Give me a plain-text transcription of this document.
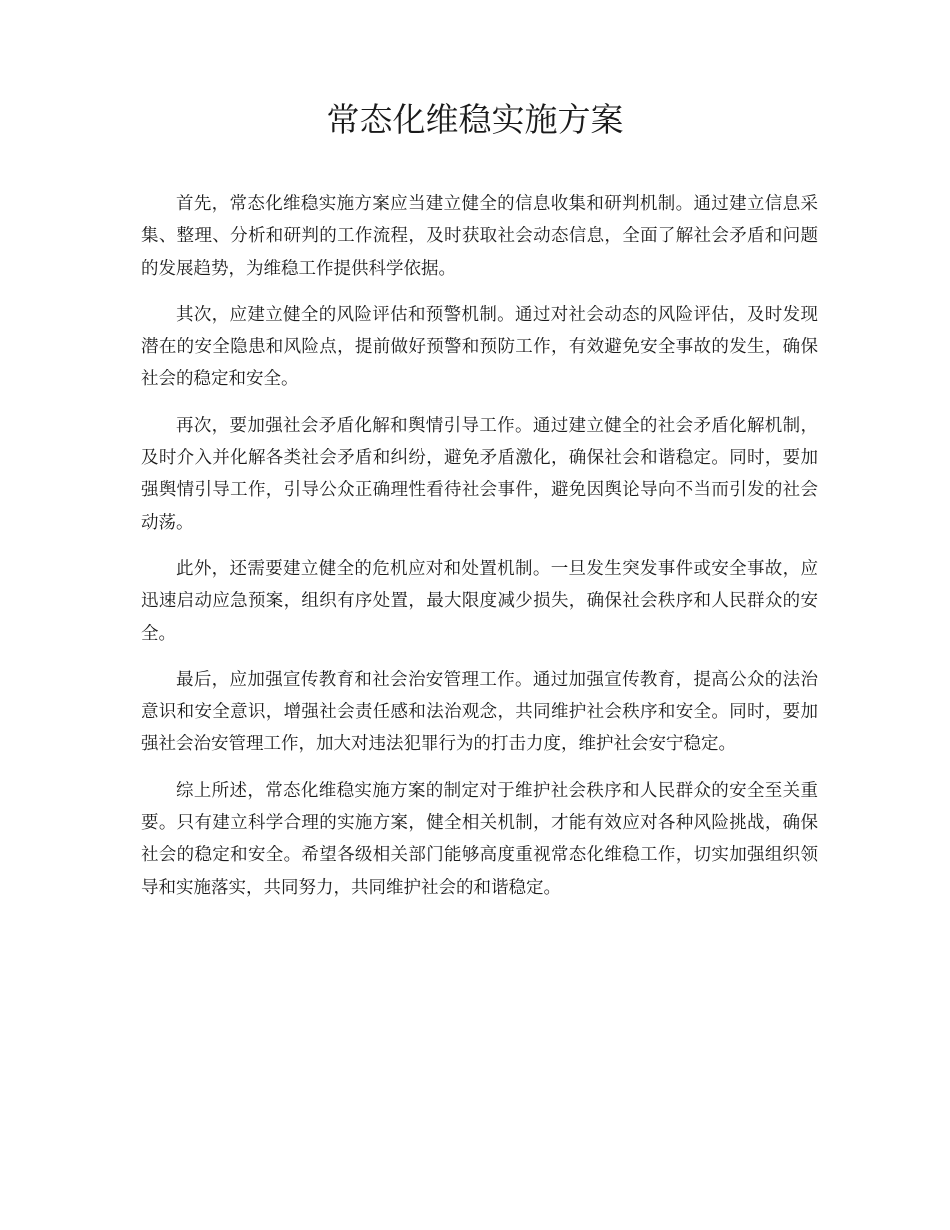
常态化维稳实施方案

首先，常态化维稳实施方案应当建立健全的信息收集和研判机制。通过建立信息采集、整理、分析和研判的工作流程，及时获取社会动态信息，全面了解社会矛盾和问题的发展趋势，为维稳工作提供科学依据。

其次，应建立健全的风险评估和预警机制。通过对社会动态的风险评估，及时发现潜在的安全隐患和风险点，提前做好预警和预防工作，有效避免安全事故的发生，确保社会的稳定和安全。

再次，要加强社会矛盾化解和舆情引导工作。通过建立健全的社会矛盾化解机制，及时介入并化解各类社会矛盾和纠纷，避免矛盾激化，确保社会和谐稳定。同时，要加强舆情引导工作，引导公众正确理性看待社会事件，避免因舆论导向不当而引发的社会动荡。

此外，还需要建立健全的危机应对和处置机制。一旦发生突发事件或安全事故，应迅速启动应急预案，组织有序处置，最大限度减少损失，确保社会秩序和人民群众的安全。

最后，应加强宣传教育和社会治安管理工作。通过加强宣传教育，提高公众的法治意识和安全意识，增强社会责任感和法治观念，共同维护社会秩序和安全。同时，要加强社会治安管理工作，加大对违法犯罪行为的打击力度，维护社会安宁稳定。

综上所述，常态化维稳实施方案的制定对于维护社会秩序和人民群众的安全至关重要。只有建立科学合理的实施方案，健全相关机制，才能有效应对各种风险挑战，确保社会的稳定和安全。希望各级相关部门能够高度重视常态化维稳工作，切实加强组织领导和实施落实，共同努力，共同维护社会的和谐稳定。
